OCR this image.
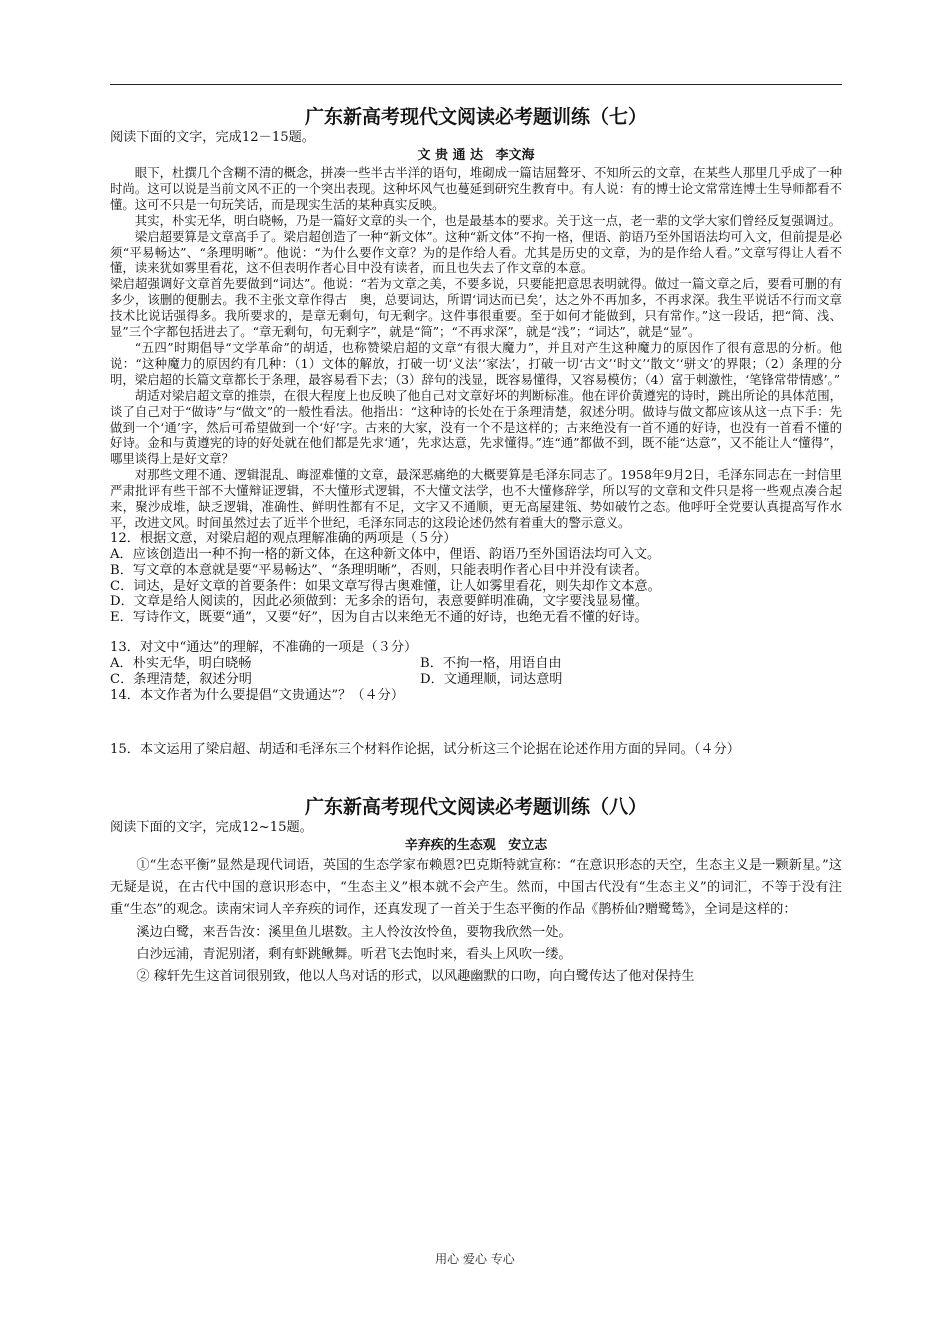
广东新高考现代文阅读必考题训练（七）

阅读下面的文字，完成12－15题。

文 贵 通 达 李文海

眼下，杜撰几个含糊不清的概念，拼凑一些半古半洋的语句，堆砌成一篇诘屈聱牙、不知所云的文章，在某些人那里几乎成了一种时尚。这可以说是当前文风不正的一个突出表现。这种坏风气也蔓延到研究生教育中。有人说：有的博士论文常常连博士生导师都看不懂。这可不只是一句玩笑话，而是现实生活的某种真实反映。

其实，朴实无华，明白晓畅，乃是一篇好文章的头一个，也是最基本的要求。关于这一点，老一辈的文学大家们曾经反复强调过。

梁启超要算是文章高手了。梁启超创造了一种“新文体”。这种“新文体”不拘一格，俚语、韵语乃至外国语法均可入文，但前提是必须“平易畅达”、“条理明晰”。他说：“为什么要作文章？为的是作给人看。尤其是历史的文章，为的是作给人看。”文章写得让人看不懂，读来犹如雾里看花，这不但表明作者心目中没有读者，而且也失去了作文章的本意。

梁启超强调好文章首先要做到“词达”。他说：“若为文章之美，不要多说，只要能把意思表明就得。做过一篇文章之后，要看可删的有多少，该删的便删去。我不主张文章作得古　奥，总要词达，所谓‘词达而已矣’，达之外不再加多，不再求深。我生平说话不行而文章技术比说话强得多。我所要求的，是章无剩句，句无剩字。这件事很重要。至于如何才能做到，只有常作。”这一段话，把“简、浅、显”三个字都包括进去了。“章无剩句，句无剩字”，就是“简”；“不再求深”，就是“浅”；“词达”，就是“显”。

“五四”时期倡导“文学革命”的胡适，也称赞梁启超的文章“有很大魔力”，并且对产生这种魔力的原因作了很有意思的分析。他说：“这种魔力的原因约有几种：（1）文体的解放，打破一切‘义法’‘家法’，打破一切‘古文’‘时文’‘散文’‘骈文’的界限；（2）条理的分明，梁启超的长篇文章都长于条理，最容易看下去；（3）辞句的浅显，既容易懂得，又容易模仿；（4）富于刺激性，‘笔锋常带情感’。”

胡适对梁启超文章的推崇，在很大程度上也反映了他自己对文章好坏的判断标准。他在评价黄遵宪的诗时，跳出所论的具体范围，谈了自己对于“做诗”与“做文”的一般性看法。他指出：“这种诗的长处在于条理清楚，叙述分明。做诗与做文都应该从这一点下手：先做到一个‘通’字，然后可希望做到一个‘好’字。古来的大家，没有一个不是这样的；古来绝没有一首不通的好诗，也没有一首看不懂的好诗。金和与黄遵宪的诗的好处就在他们都是先求‘通’，先求达意，先求懂得。”连“通”都做不到，既不能“达意”，又不能让人“懂得”，哪里谈得上是好文章？

对那些文理不通、逻辑混乱、晦涩难懂的文章，最深恶痛绝的大概要算是毛泽东同志了。1958年9月2日，毛泽东同志在一封信里严肃批评有些干部不大懂辩证逻辑，不大懂形式逻辑，不大懂文法学，也不大懂修辞学，所以写的文章和文件只是将一些观点凑合起来，聚沙成堆，缺乏逻辑，准确性、鲜明性都有不足，文字又不通顺，更无高屋建瓴、势如破竹之态。他呼吁全党要认真提高写作水平，改进文风。时间虽然过去了近半个世纪，毛泽东同志的这段论述仍然有着重大的警示意义。

12．根据文意，对梁启超的观点理解准确的两项是（５分）

A．应该创造出一种不拘一格的新文体，在这种新文体中，俚语、韵语乃至外国语法均可入文。

B．写文章的本意就是要“平易畅达”、“条理明晰”，否则，只能表明作者心目中并没有读者。

C．词达，是好文章的首要条件：如果文章写得古奥难懂，让人如雾里看花，则失却作文本意。

D．文章是给人阅读的，因此必须做到：无多余的语句，表意要鲜明准确，文字要浅显易懂。

E．写诗作文，既要“通”，又要“好”，因为自古以来绝无不通的好诗，也绝无看不懂的好诗。

13．对文中“通达”的理解，不准确的一项是（３分）

A．朴实无华，明白晓畅	B．不拘一格，用语自由
C．条理清楚，叙述分明	D．文通理顺，词达意明

14．本文作者为什么要提倡“文贵通达”？（４分）

15．本文运用了梁启超、胡适和毛泽东三个材料作论据，试分析这三个论据在论述作用方面的异同。（４分）

广东新高考现代文阅读必考题训练（八）

阅读下面的文字，完成12~15题。

辛弃疾的生态观 安立志

①“生态平衡”显然是现代词语，英国的生态学家布赖恩?巴克斯特就宣称：“在意识形态的天空，生态主义是一颗新星。”这无疑是说，在古代中国的意识形态中，“生态主义”根本就不会产生。然而，中国古代没有“生态主义”的词汇，不等于没有注重“生态”的观念。读南宋词人辛弃疾的词作，还真发现了一首关于生态平衡的作品《鹊桥仙?赠鹭鸶》，全词是这样的：

溪边白鹭，来吾告汝：溪里鱼儿堪数。主人怜汝汝怜鱼，要物我欣然一处。

白沙远浦，青泥别渚，剩有虾跳鳅舞。听君飞去饱时来，看头上风吹一缕。

② 稼轩先生这首词很别致，他以人鸟对话的形式，以风趣幽默的口吻，向白鹭传达了他对保持生

用心 爱心 专心
